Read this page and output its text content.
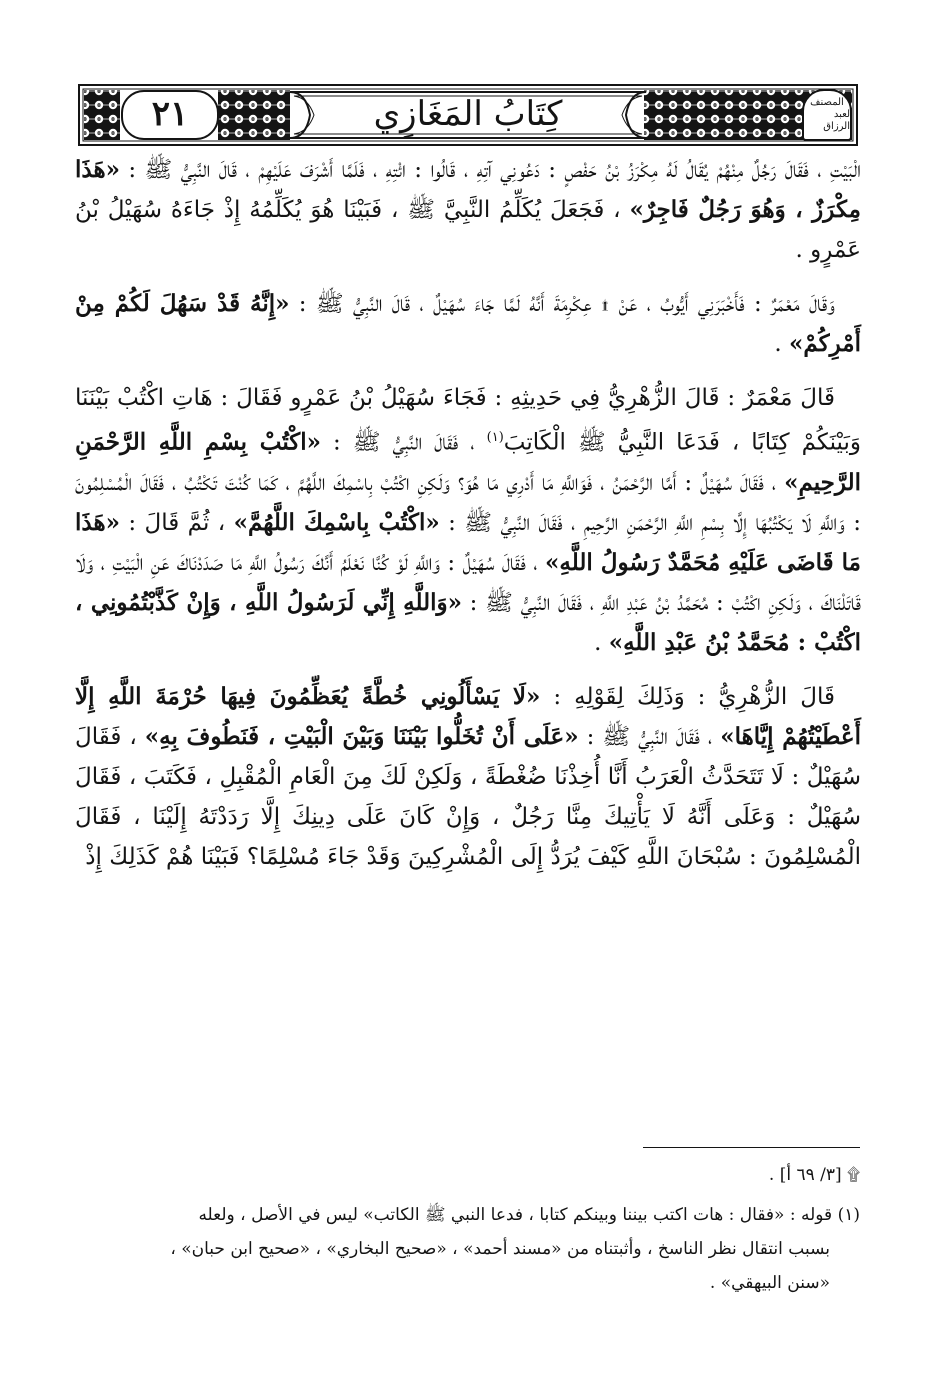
٢١	كِتَابُ المَغَازِي	المصنف
لعبد الرزاق

الْبَيْتِ ، فَقَالَ رَجُلٌ مِنْهُمْ يُقَالُ لَهُ مِكْرَزُ بْنُ حَفْصٍ : دَعُونِي آتِهِ ، قَالُوا : ائْتِهِ ، فَلَمَّا أَشْرَفَ عَلَيْهِمْ ، قَالَ النَّبِيُّ ﷺ : «هَذَا مِكْرَزٌ ، وَهُوَ رَجُلٌ فَاجِرٌ» ، فَجَعَلَ يُكَلِّمُ النَّبِيَّ ﷺ ، فَبَيْنَا هُوَ يُكَلِّمُهُ إِذْ جَاءَهُ سُهَيْلُ بْنُ عَمْرٍو .

وَقَالَ مَعْمَرٌ : فَأَخْبَرَنِي أَيُّوبُ ، عَنْ ۩ عِكْرِمَةَ أَنَّهُ لَمَّا جَاءَ سُهَيْلٌ ، قَالَ النَّبِيُّ ﷺ : «إِنَّهُ قَدْ سَهُلَ لَكُمْ مِنْ أَمْرِكُمْ» .

قَالَ مَعْمَرٌ : قَالَ الزُّهْرِيُّ فِي حَدِيثِهِ : فَجَاءَ سُهَيْلُ بْنُ عَمْرٍو فَقَالَ : هَاتِ اكْتُبْ بَيْنَنَا وَبَيْنَكُمْ كِتَابًا ، فَدَعَا النَّبِيُّ ﷺ الْكَاتِبَ$^{(١)}$ ، فَقَالَ النَّبِيُّ ﷺ : «اكْتُبْ بِسْمِ اللَّهِ الرَّحْمَنِ الرَّحِيمِ» ، فَقَالَ سُهَيْلٌ : أَمَّا الرَّحْمَنُ ، فَوَاللَّهِ مَا أَدْرِي مَا هُوَ؟ وَلَكِنِ اكْتُبْ بِاسْمِكَ اللَّهُمَّ ، كَمَا كُنْتَ تَكْتُبُ ، فَقَالَ الْمُسْلِمُونَ : وَاللَّهِ لَا يَكْتُبُهَا إِلَّا بِسْمِ اللَّهِ الرَّحْمَنِ الرَّحِيمِ ، فَقَالَ النَّبِيُّ ﷺ : «اكْتُبْ بِاسْمِكَ اللَّهُمَّ» ، ثُمَّ قَالَ : «هَذَا مَا قَاضَى عَلَيْهِ مُحَمَّدٌ رَسُولُ اللَّهِ» ، فَقَالَ سُهَيْلٌ : وَاللَّهِ لَوْ كُنَّا نَعْلَمُ أَنَّكَ رَسُولُ اللَّهِ مَا صَدَدْنَاكَ عَنِ الْبَيْتِ ، وَلَا قَاتَلْنَاكَ ، وَلَكِنِ اكْتُبْ : مُحَمَّدُ بْنُ عَبْدِ اللَّهِ ، فَقَالَ النَّبِيُّ ﷺ : «وَاللَّهِ إِنِّي لَرَسُولُ اللَّهِ ، وَإِنْ كَذَّبْتُمُونِي ، اكْتُبْ : مُحَمَّدُ بْنُ عَبْدِ اللَّهِ» .

قَالَ الزُّهْرِيُّ : وَذَلِكَ لِقَوْلِهِ : «لَا يَسْأَلُونِي خُطَّةً يُعَظِّمُونَ فِيهَا حُرْمَةَ اللَّهِ إِلَّا أَعْطَيْتُهُمْ إِيَّاهَا» ، فَقَالَ النَّبِيُّ ﷺ : «عَلَى أَنْ تُخَلُّوا بَيْنَنَا وَبَيْنَ الْبَيْتِ ، فَنَطُوفَ بِهِ» ، فَقَالَ سُهَيْلٌ : لَا تَتَحَدَّثُ الْعَرَبُ أَنَّا أُخِذْنَا ضُغْطَةً ، وَلَكِنْ لَكَ مِنَ الْعَامِ الْمُقْبِلِ ، فَكَتَبَ ، فَقَالَ سُهَيْلٌ : وَعَلَى أَنَّهُ لَا يَأْتِيكَ مِنَّا رَجُلٌ ، وَإِنْ كَانَ عَلَى دِينِكَ إِلَّا رَدَدْتَهُ إِلَيْنَا ، فَقَالَ الْمُسْلِمُونَ : سُبْحَانَ اللَّهِ كَيْفَ يُرَدُّ إِلَى الْمُشْرِكِينَ وَقَدْ جَاءَ مُسْلِمًا؟ فَبَيْنَا هُمْ كَذَلِكَ إِذْ

۩ [٣/ ٦٩ أ] .

(١) قوله : «فقال : هات اكتب بيننا وبينكم كتابا ، فدعا النبي ﷺ الكاتب» ليس في الأصل ، ولعله

بسبب انتقال نظر الناسخ ، وأثبتناه من «مسند أحمد» ، «صحيح البخاري» ، «صحيح ابن حبان» ،

«سنن البيهقي» .
